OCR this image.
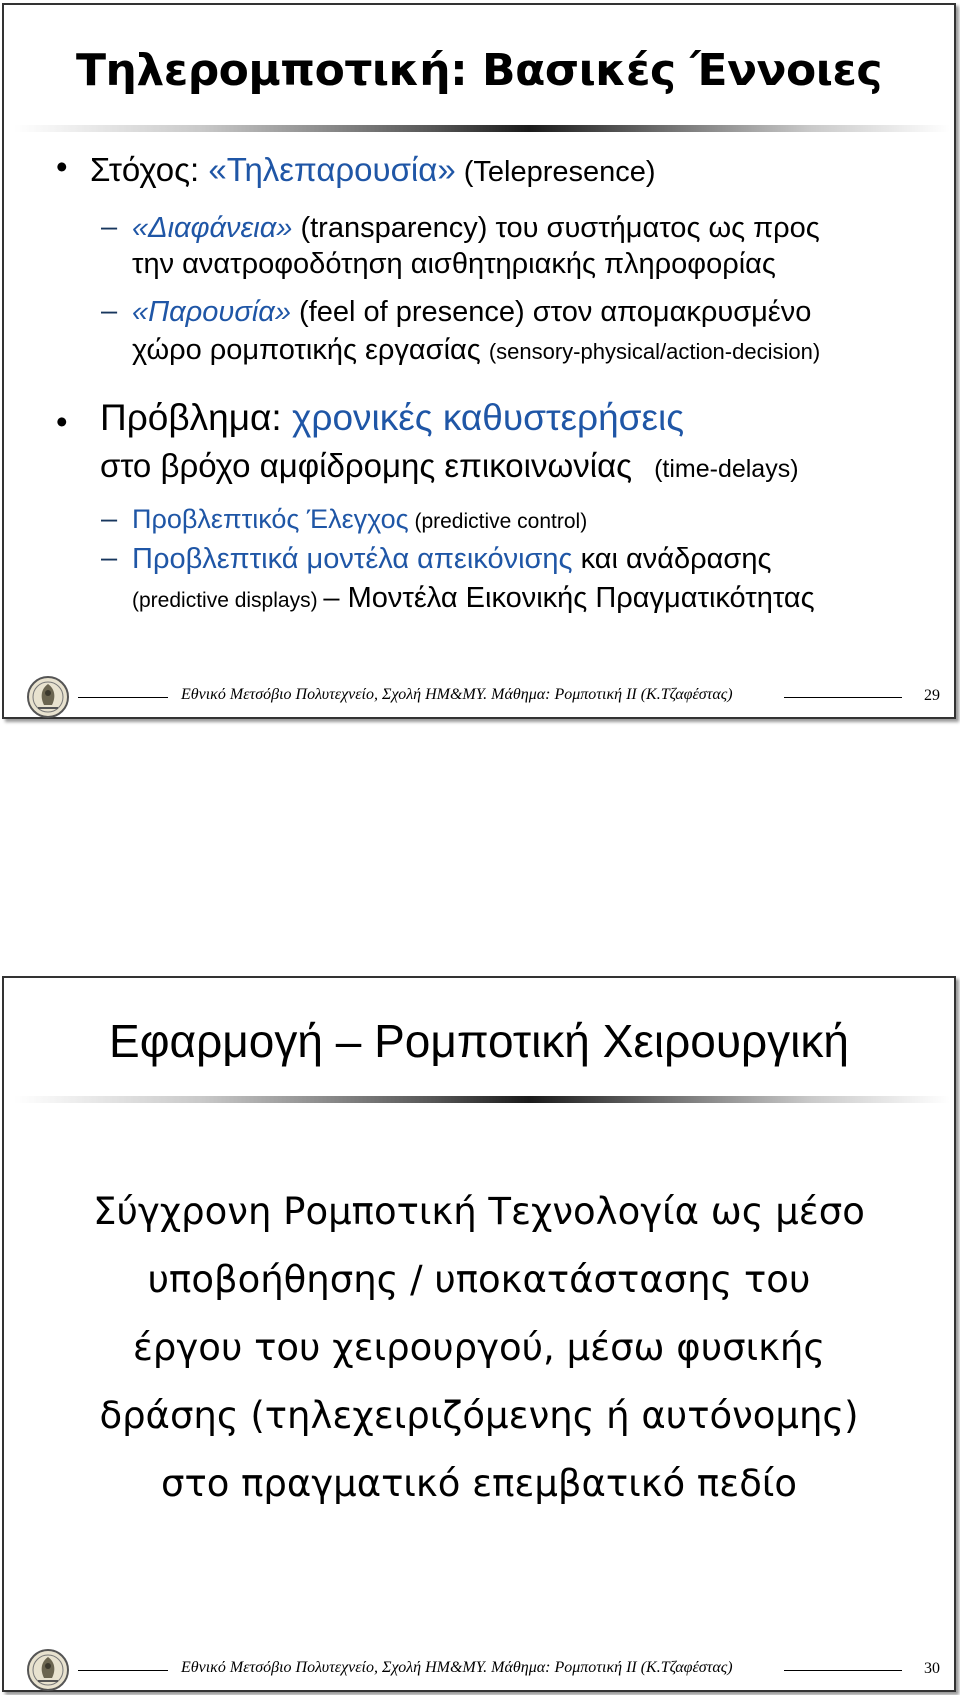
Τηλερομποτική: Βασικές Έννοιες
• Στόχος: «Τηλεπαρουσία» (Telepresence)
– «Διαφάνεια» (transparency) του συστήματος ως προς
την ανατροφοδότηση αισθητηριακής πληροφορίας
– «Παρουσία» (feel of presence) στον απομακρυσμένο
χώρο ρομποτικής εργασίας (sensory-physical/action-decision)
• Πρόβλημα: χρονικές καθυστερήσεις
στο βρόχο αμφίδρομης επικοινωνίας (time-delays)
– Προβλεπτικός Έλεγχος (predictive control)
– Προβλεπτικά μοντέλα απεικόνισης και ανάδρασης
(predictive displays) – Μοντέλα Εικονικής Πραγματικότητας
Εθνικό Μετσόβιο Πολυτεχνείο, Σχολή ΗΜ&ΜΥ. Μάθημα: Ρομποτική ΙΙ (Κ.Τζαφέστας)	29
Εφαρμογή – Ρομποτική Χειρουργική
Σύγχρονη Ρομποτική Τεχνολογία ως μέσο
υποβοήθησης / υποκατάστασης του
έργου του χειρουργού, μέσω φυσικής
δράσης (τηλεχειριζόμενης ή αυτόνομης)
στο πραγματικό επεμβατικό πεδίο
Εθνικό Μετσόβιο Πολυτεχνείο, Σχολή ΗΜ&ΜΥ. Μάθημα: Ρομποτική ΙΙ (Κ.Τζαφέστας)	30
